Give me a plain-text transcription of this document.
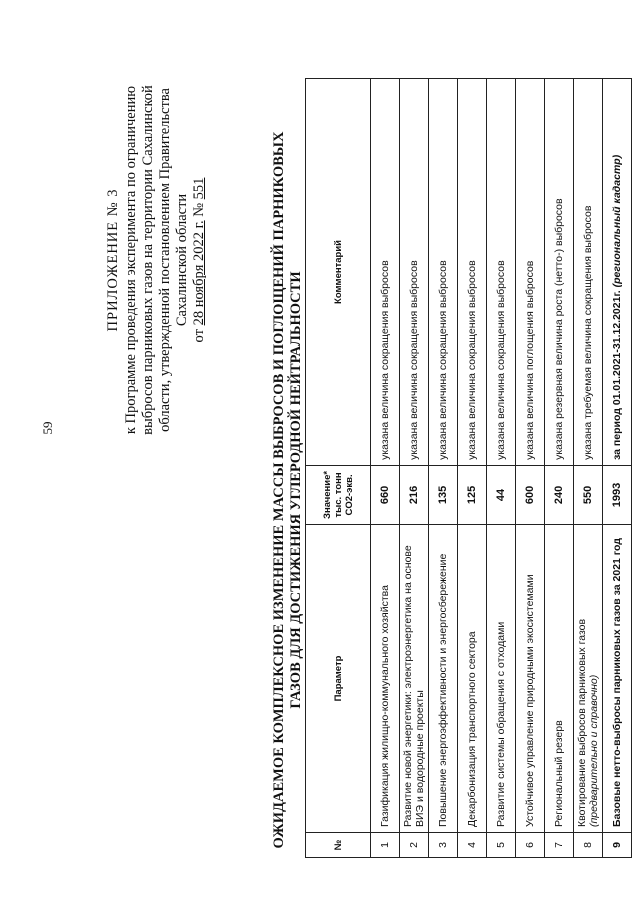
59
ПРИЛОЖЕНИЕ № 3 к Программе проведения эксперимента по ограничению выбросов парниковых газов на территории Сахалинской области, утвержденной постановлением Правительства Сахалинской области
от 28 ноября 2022 г. № 551	ОЖИДАЕМОЕ КОМПЛЕКСНОЕ ИЗМЕНЕНИЕ МАССЫ ВЫБРОСОВ И ПОГЛОЩЕНИЙ ПАРНИКОВЫХ ГАЗОВ ДЛЯ ДОСТИЖЕНИЯ УГЛЕРОДНОЙ НЕЙТРАЛЬНОСТИ
№	Параметр	Значение* тыс. тонн CO2-экв.	Комментарий
1	Газификация жилищно-коммунального хозяйства	660	указана величина сокращения выбросов
2	Развитие новой энергетики: электроэнергетика на основе ВИЭ и водородные проекты	216	указана величина сокращения выбросов
3	Повышение энергоэффективности и энергосбережение	135	указана величина сокращения выбросов
4	Декарбонизация транспортного сектора	125	указана величина сокращения выбросов
5	Развитие системы обращения с отходами	44	указана величина сокращения выбросов
6	Устойчивое управление природными экосистемами	600	указана величина поглощения выбросов
7	Региональный резерв	240	указана резервная величина роста (нетто-) выбросов
8	Квотирование выбросов парниковых газов (предварительно и справочно)	550	указана требуемая величина сокращения выбросов
9	Базовые нетто-выбросы парниковых газов за 2021 год	1993	за период 01.01.2021-31.12.2021г. (региональный кадастр)
